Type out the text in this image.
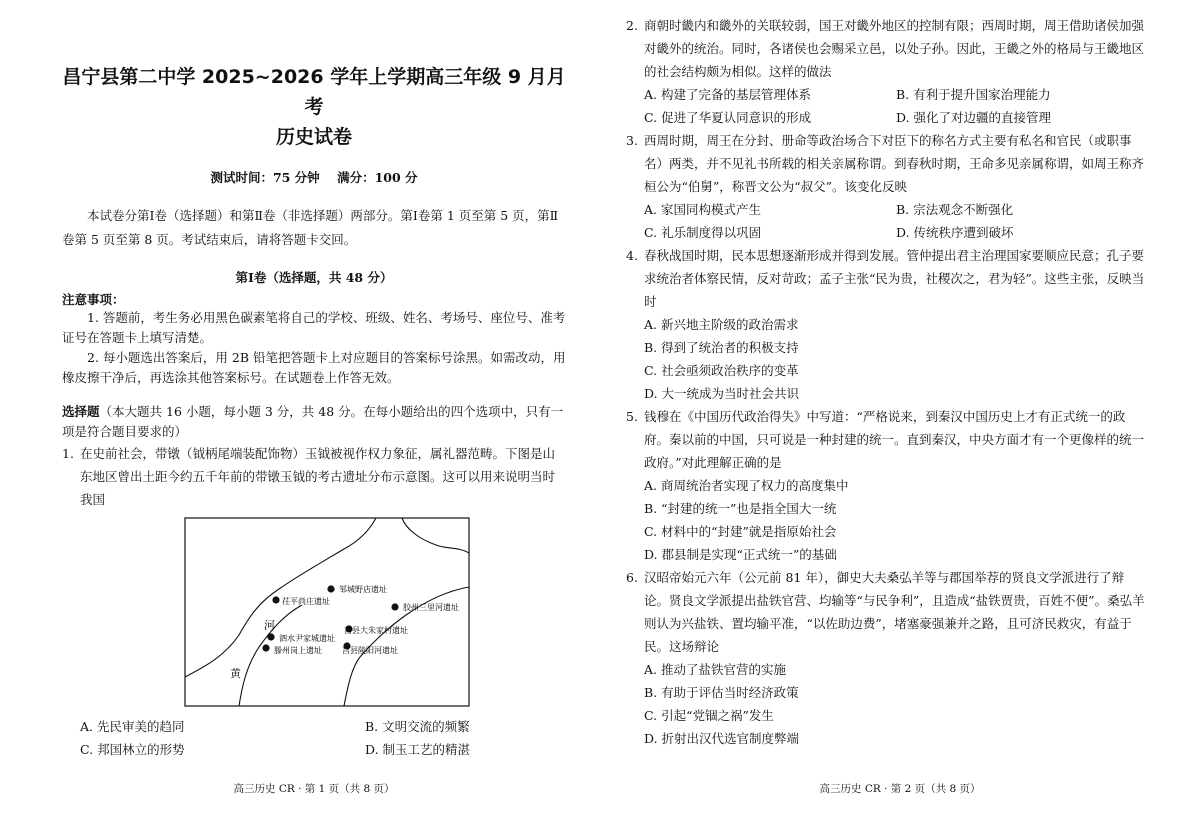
昌宁县第二中学 2025~2026 学年上学期高三年级 9 月月考
历史试卷
测试时间：75 分钟    满分：100 分
本试卷分第Ⅰ卷（选择题）和第Ⅱ卷（非选择题）两部分。第Ⅰ卷第 1 页至第 5 页，第Ⅱ卷第 5 页至第 8 页。考试结束后，请将答题卡交回。
第Ⅰ卷（选择题，共 48 分）
注意事项：
1. 答题前，考生务必用黑色碳素笔将自己的学校、班级、姓名、考场号、座位号、准考证号在答题卡上填写清楚。
2. 每小题选出答案后，用 2B 铅笔把答题卡上对应题目的答案标号涂黑。如需改动，用橡皮擦干净后，再选涂其他答案标号。在试题卷上作答无效。
选择题（本大题共 16 小题，每小题 3 分，共 48 分。在每小题给出的四个选项中，只有一项是符合题目要求的）
1. 在史前社会，带镦（钺柄尾端装配饰物）玉钺被视作权力象征，属礼器范畴。下图是山东地区曾出土距今约五千年前的带镦玉钺的考古遗址分布示意图。这可以用来说明当时我国
河
黄
茌平尚庄遗址
邹城野店遗址
胶州三里河遗址
莒县大朱家村遗址
泗水尹家城遗址
滕州岗上遗址	莒县陵阳河遗址
A. 先民审美的趋同	B. 文明交流的频繁
C. 邦国林立的形势	D. 制玉工艺的精湛
高三历史 CR · 第 1 页（共 8 页）
2. 商朝时畿内和畿外的关联较弱，国王对畿外地区的控制有限；西周时期，周王借助诸侯加强对畿外的统治。同时，各诸侯也会赐采立邑，以处子孙。因此，王畿之外的格局与王畿地区的社会结构颇为相似。这样的做法
A. 构建了完备的基层管理体系	B. 有利于提升国家治理能力
C. 促进了华夏认同意识的形成	D. 强化了对边疆的直接管理
3. 西周时期，周王在分封、册命等政治场合下对臣下的称名方式主要有私名和官民（或职事名）两类，并不见礼书所载的相关亲属称谓。到春秋时期，王命多见亲属称谓，如周王称齐桓公为“伯舅”，称晋文公为“叔父”。该变化反映
A. 家国同构模式产生	B. 宗法观念不断强化
C. 礼乐制度得以巩固	D. 传统秩序遭到破坏
4. 春秋战国时期，民本思想逐渐形成并得到发展。管仲提出君主治理国家要顺应民意；孔子要求统治者体察民情，反对苛政；孟子主张“民为贵，社稷次之，君为轻”。这些主张，反映当时
A. 新兴地主阶级的政治需求
B. 得到了统治者的积极支持
C. 社会亟须政治秩序的变革
D. 大一统成为当时社会共识
5. 钱穆在《中国历代政治得失》中写道：“严格说来，到秦汉中国历史上才有正式统一的政府。秦以前的中国，只可说是一种封建的统一。直到秦汉，中央方面才有一个更像样的统一政府。”对此理解正确的是
A. 商周统治者实现了权力的高度集中
B. “封建的统一”也是指全国大一统
C. 材料中的“封建”就是指原始社会
D. 郡县制是实现“正式统一”的基础
6. 汉昭帝始元六年（公元前 81 年），御史大夫桑弘羊等与郡国举荐的贤良文学派进行了辩论。贤良文学派提出盐铁官营、均输等“与民争利”，且造成“盐铁贾贵，百姓不便”。桑弘羊则认为兴盐铁、置均输平准，“以佐助边费”，堵塞豪强兼并之路，且可济民救灾，有益于民。这场辩论
A. 推动了盐铁官营的实施
B. 有助于评估当时经济政策
C. 引起“党锢之祸”发生
D. 折射出汉代选官制度弊端
高三历史 CR · 第 2 页（共 8 页）
